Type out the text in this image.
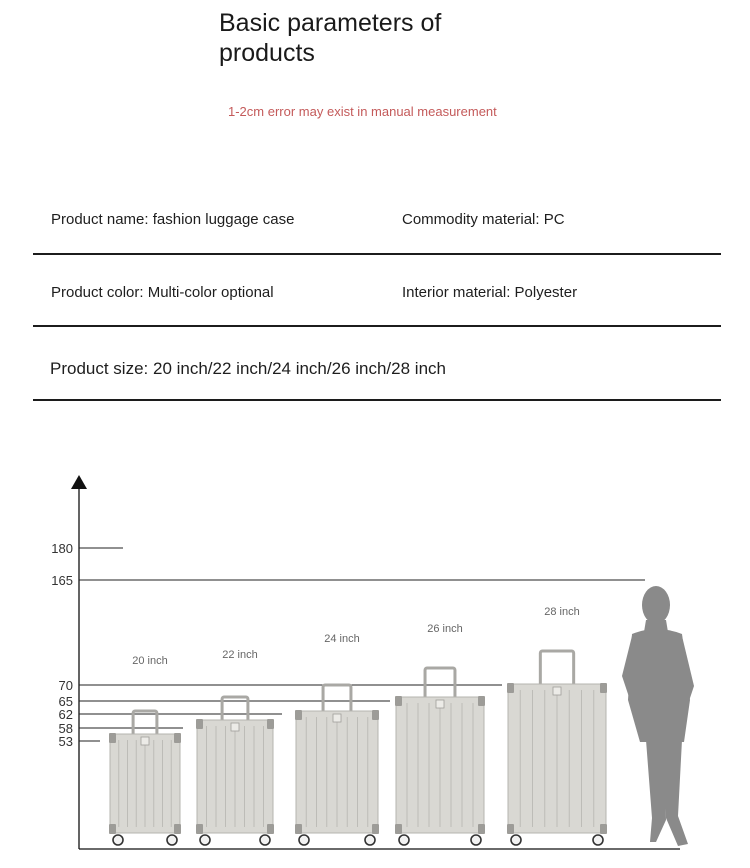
Basic parameters of
products
1-2cm error may exist in manual measurement
Product name: fashion luggage case	Commodity material: PC
Product color: Multi-color optional	Interior material: Polyester
Product size: 20 inch/22 inch/24 inch/26 inch/28 inch
180
165
70
65
62
58
53
20 inch	22 inch
24 inch
26 inch
28 inch
